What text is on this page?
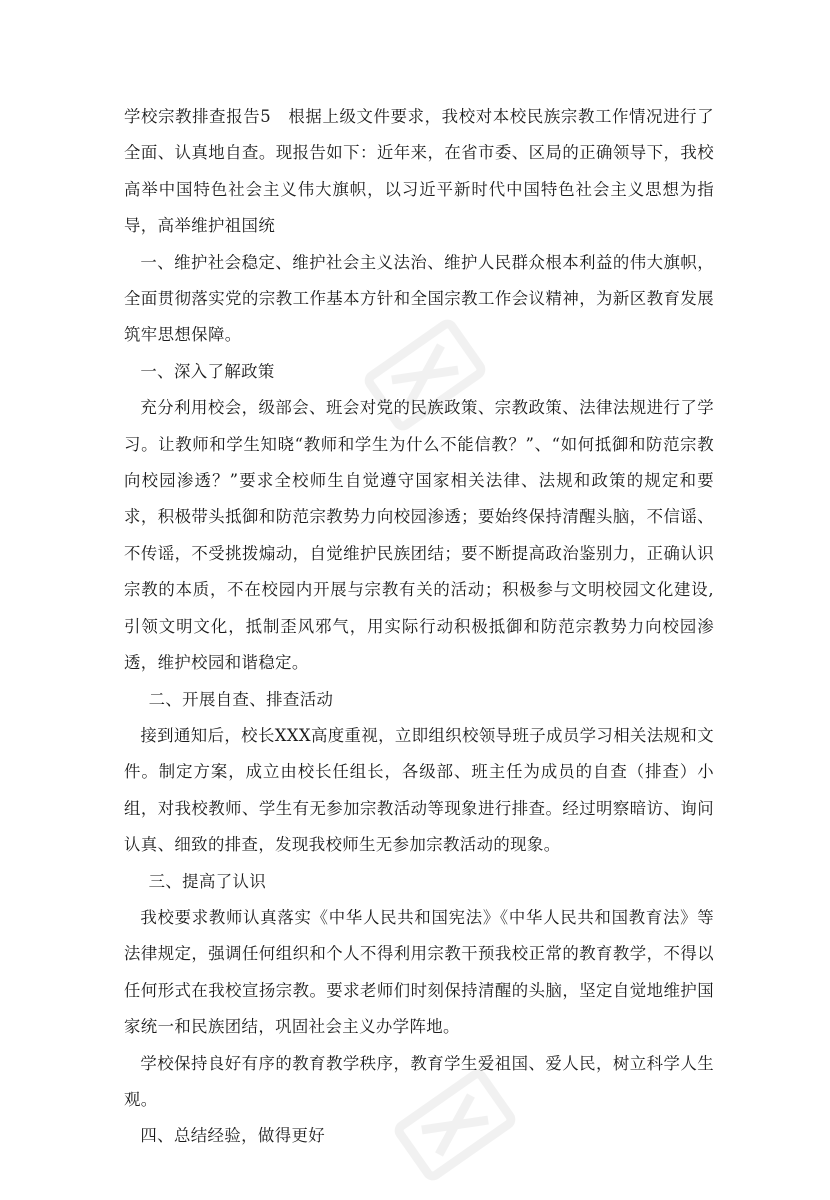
学校宗教排查报告5　根据上级文件要求，我校对本校民族宗教工作情况进行了全面、认真地自查。现报告如下：近年来，在省市委、区局的正确领导下，我校高举中国特色社会主义伟大旗帜，以习近平新时代中国特色社会主义思想为指导，高举维护祖国统

一、维护社会稳定、维护社会主义法治、维护人民群众根本利益的伟大旗帜，全面贯彻落实党的宗教工作基本方针和全国宗教工作会议精神，为新区教育发展筑牢思想保障。

一、深入了解政策

充分利用校会，级部会、班会对党的民族政策、宗教政策、法律法规进行了学习。让教师和学生知晓“教师和学生为什么不能信教？”、“如何抵御和防范宗教向校园渗透？”要求全校师生自觉遵守国家相关法律、法规和政策的规定和要求，积极带头抵御和防范宗教势力向校园渗透；要始终保持清醒头脑，不信谣、不传谣，不受挑拨煽动，自觉维护民族团结；要不断提高政治鉴别力，正确认识宗教的本质，不在校园内开展与宗教有关的活动；积极参与文明校园文化建设,引领文明文化，抵制歪风邪气，用实际行动积极抵御和防范宗教势力向校园渗透，维护校园和谐稳定。

二、开展自查、排查活动

接到通知后，校长XXX高度重视，立即组织校领导班子成员学习相关法规和文件。制定方案，成立由校长任组长，各级部、班主任为成员的自查（排查）小组，对我校教师、学生有无参加宗教活动等现象进行排查。经过明察暗访、询问认真、细致的排查，发现我校师生无参加宗教活动的现象。

三、提高了认识

我校要求教师认真落实《中华人民共和国宪法》《中华人民共和国教育法》等法律规定，强调任何组织和个人不得利用宗教干预我校正常的教育教学，不得以任何形式在我校宣扬宗教。要求老师们时刻保持清醒的头脑，坚定自觉地维护国家统一和民族团结，巩固社会主义办学阵地。

学校保持良好有序的教育教学秩序，教育学生爱祖国、爱人民，树立科学人生观。

四、总结经验，做得更好
